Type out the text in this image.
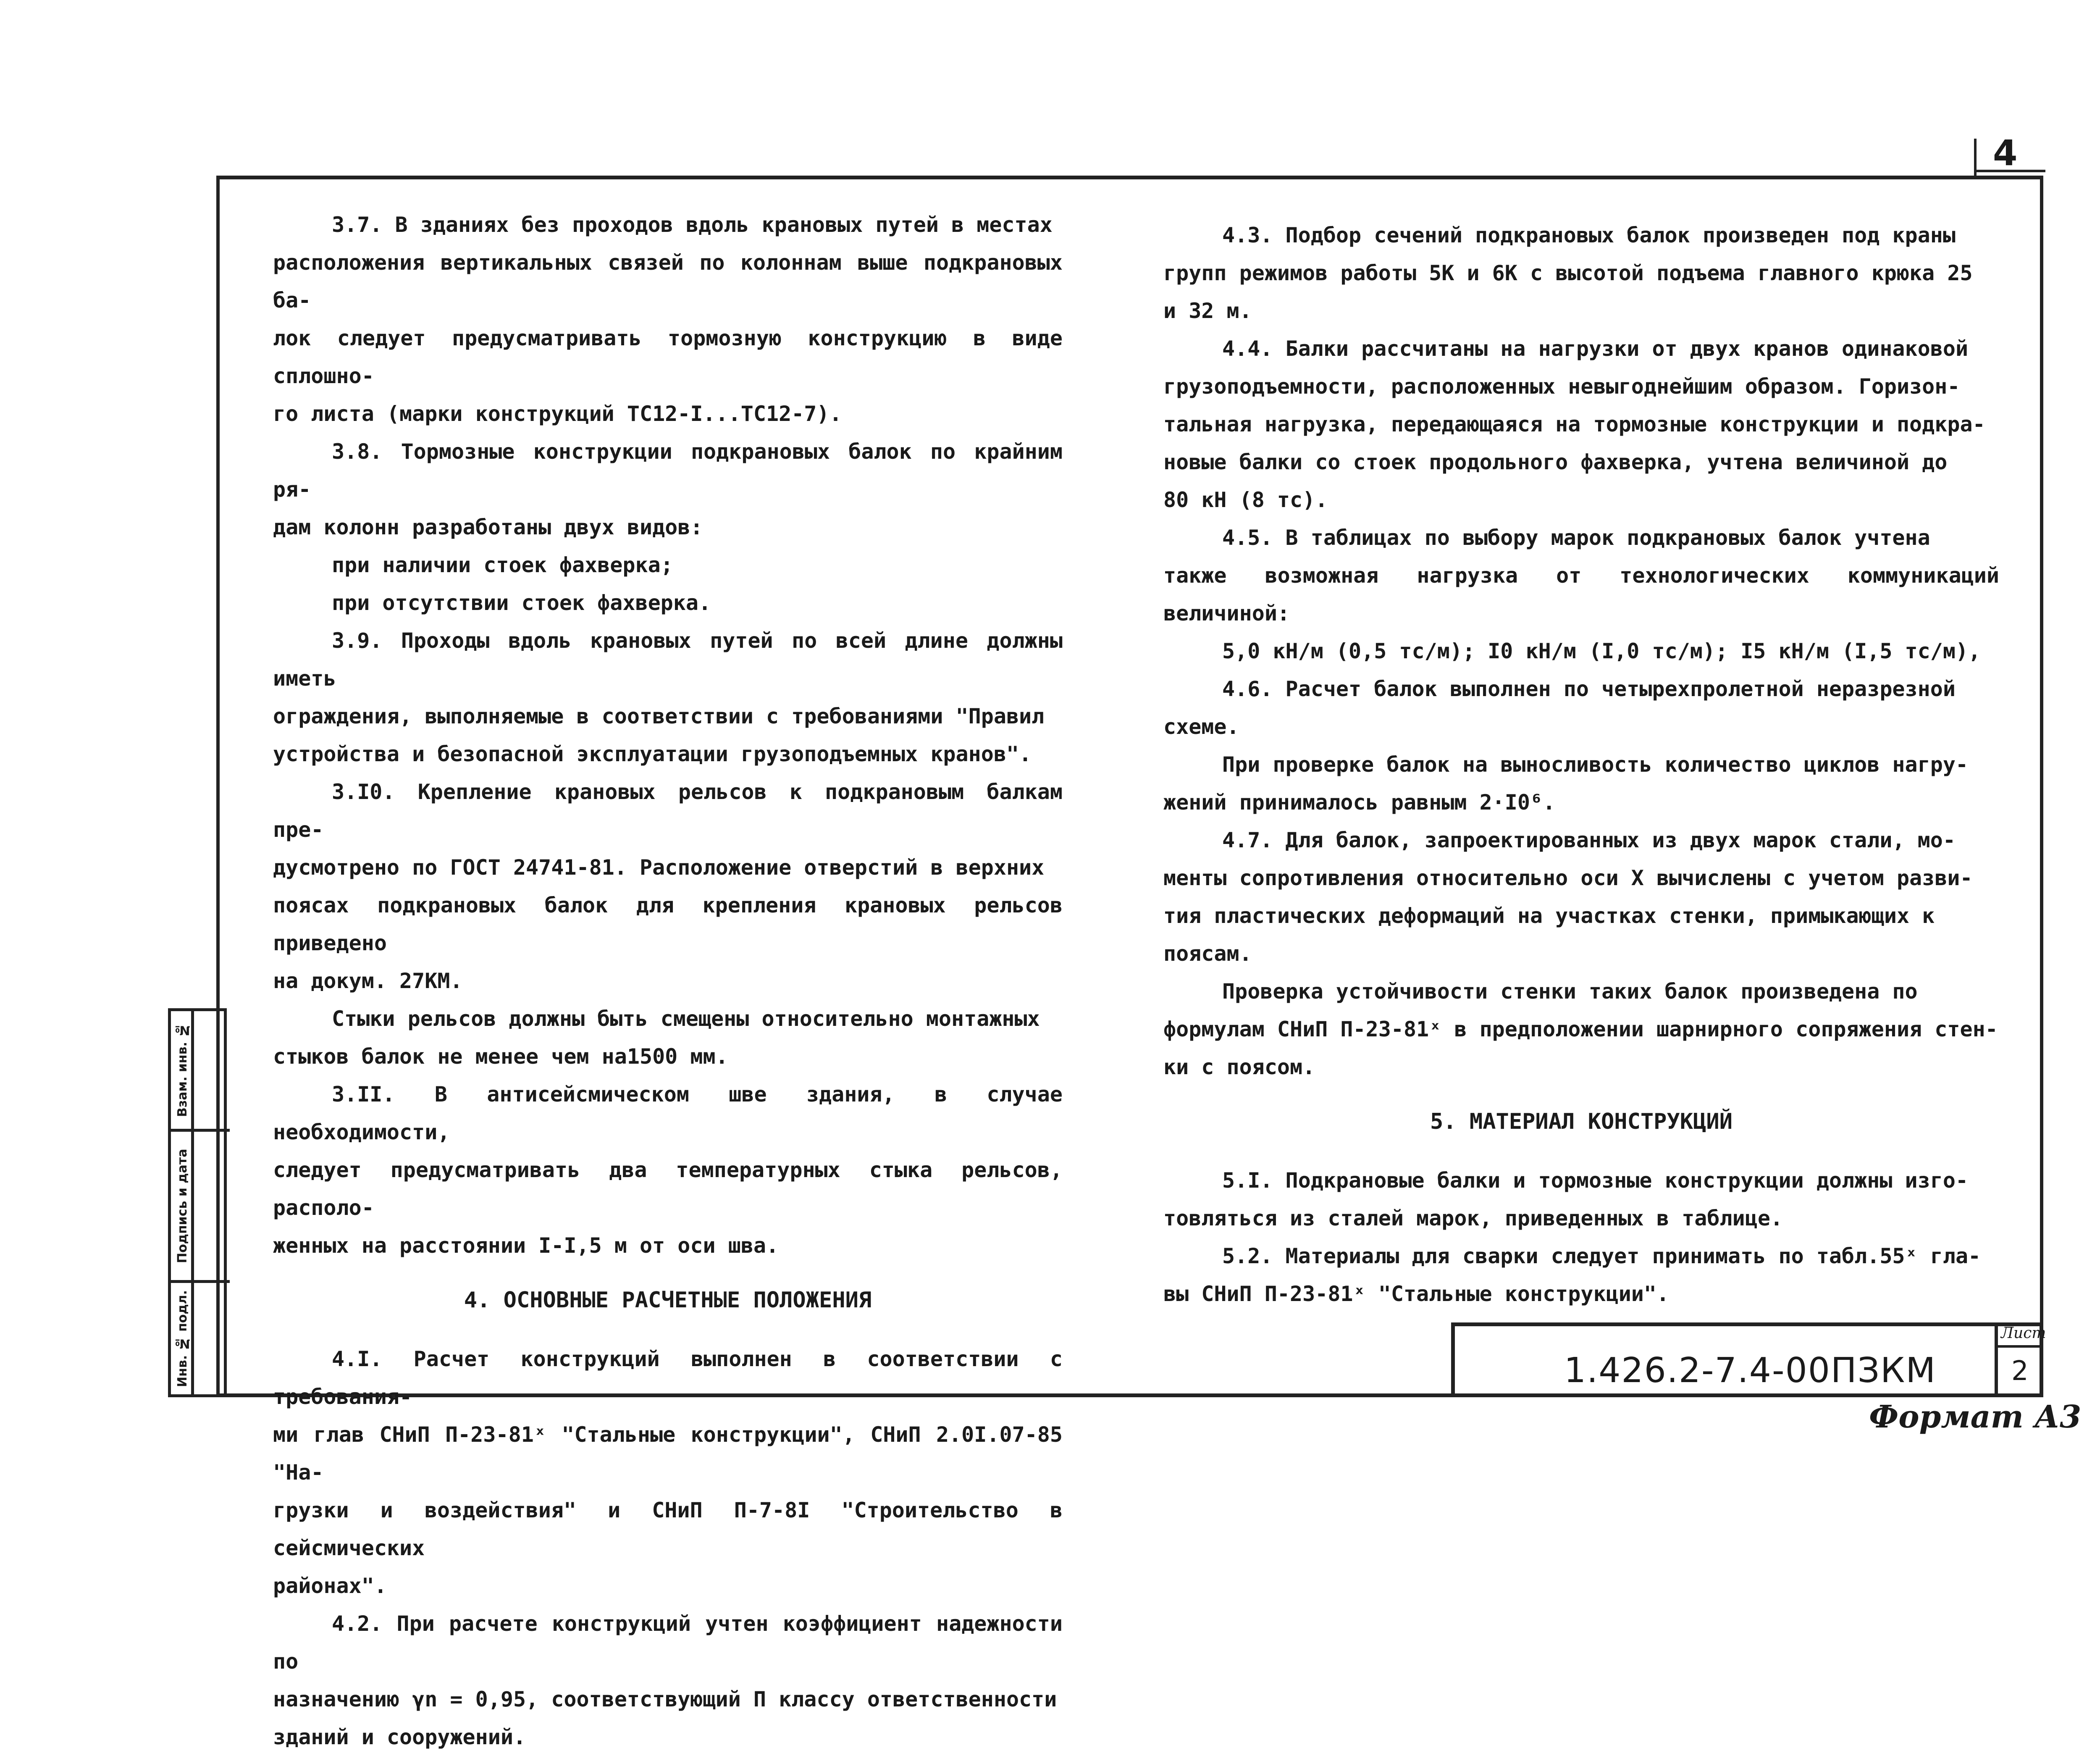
4

3.7. В зданиях без проходов вдоль крановых путей в местах
расположения вертикальных связей по колоннам выше подкрановых ба-
лок следует предусматривать тормозную конструкцию в виде сплошно-
го листа (марки конструкций ТС12-I...ТС12-7).

3.8. Тормозные конструкции подкрановых балок по крайним ря-
дам колонн разработаны двух видов:

при наличии стоек фахверка;

при отсутствии стоек фахверка.

3.9. Проходы вдоль крановых путей по всей длине должны иметь
ограждения, выполняемые в соответствии с требованиями "Правил
устройства и безопасной эксплуатации грузоподъемных кранов".

3.I0. Крепление крановых рельсов к подкрановым балкам пре-
дусмотрено по ГОСТ 24741-81. Расположение отверстий в верхних
поясах подкрановых балок для крепления крановых рельсов приведено
на докум. 27КМ.

Стыки рельсов должны быть смещены относительно монтажных
стыков балок не менее чем на1500 мм.

3.II. В антисейсмическом шве здания, в случае необходимости,
следует предусматривать два температурных стыка рельсов, располо-
женных на расстоянии I-I,5 м от оси шва.

4. ОСНОВНЫЕ РАСЧЕТНЫЕ ПОЛОЖЕНИЯ

4.I. Расчет конструкций выполнен в соответствии с требования-
ми глав СНиП П-23-81ˣ "Стальные конструкции", СНиП 2.0I.07-85 "На-
грузки и воздействия" и СНиП П-7-8I "Строительство в сейсмических
районах".

4.2. При расчете конструкций учтен коэффициент надежности по
назначению γn = 0,95, соответствующий П классу ответственности
зданий и сооружений.

4.3. Подбор сечений подкрановых балок произведен под краны
групп режимов работы 5К и 6К с высотой подъема главного крюка 25
и 32 м.

4.4. Балки рассчитаны на нагрузки от двух кранов одинаковой
грузоподъемности, расположенных невыгоднейшим образом. Горизон-
тальная нагрузка, передающаяся на тормозные конструкции и подкра-
новые балки со стоек продольного фахверка, учтена величиной до
80 кН (8 тс).

4.5. В таблицах по выбору марок подкрановых балок учтена
также возможная нагрузка от технологических коммуникаций величиной:

5,0 кН/м (0,5 тс/м); I0 кН/м (I,0 тс/м); I5 кН/м (I,5 тс/м),

4.6. Расчет балок выполнен по четырехпролетной неразрезной
схеме.

При проверке балок на выносливость количество циклов нагру-
жений принималось равным 2·I0⁶.

4.7. Для балок, запроектированных из двух марок стали, мо-
менты сопротивления относительно оси Х вычислены с учетом разви-
тия пластических деформаций на участках стенки, примыкающих к
поясам.

Проверка устойчивости стенки таких балок произведена по
формулам СНиП П-23-81ˣ в предположении шарнирного сопряжения стен-
ки с поясом.

5. МАТЕРИАЛ КОНСТРУКЦИЙ

5.I. Подкрановые балки и тормозные конструкции должны изго-
товляться из сталей марок, приведенных в таблице.

5.2. Материалы для сварки следует принимать по табл.55ˣ гла-
вы СНиП П-23-81ˣ "Стальные конструкции".

Взам. инв. №
Подпись и дата
Инв. № подл.	1.426.2-7.4-00ПЗКМ
Лист
2
Формат А3
